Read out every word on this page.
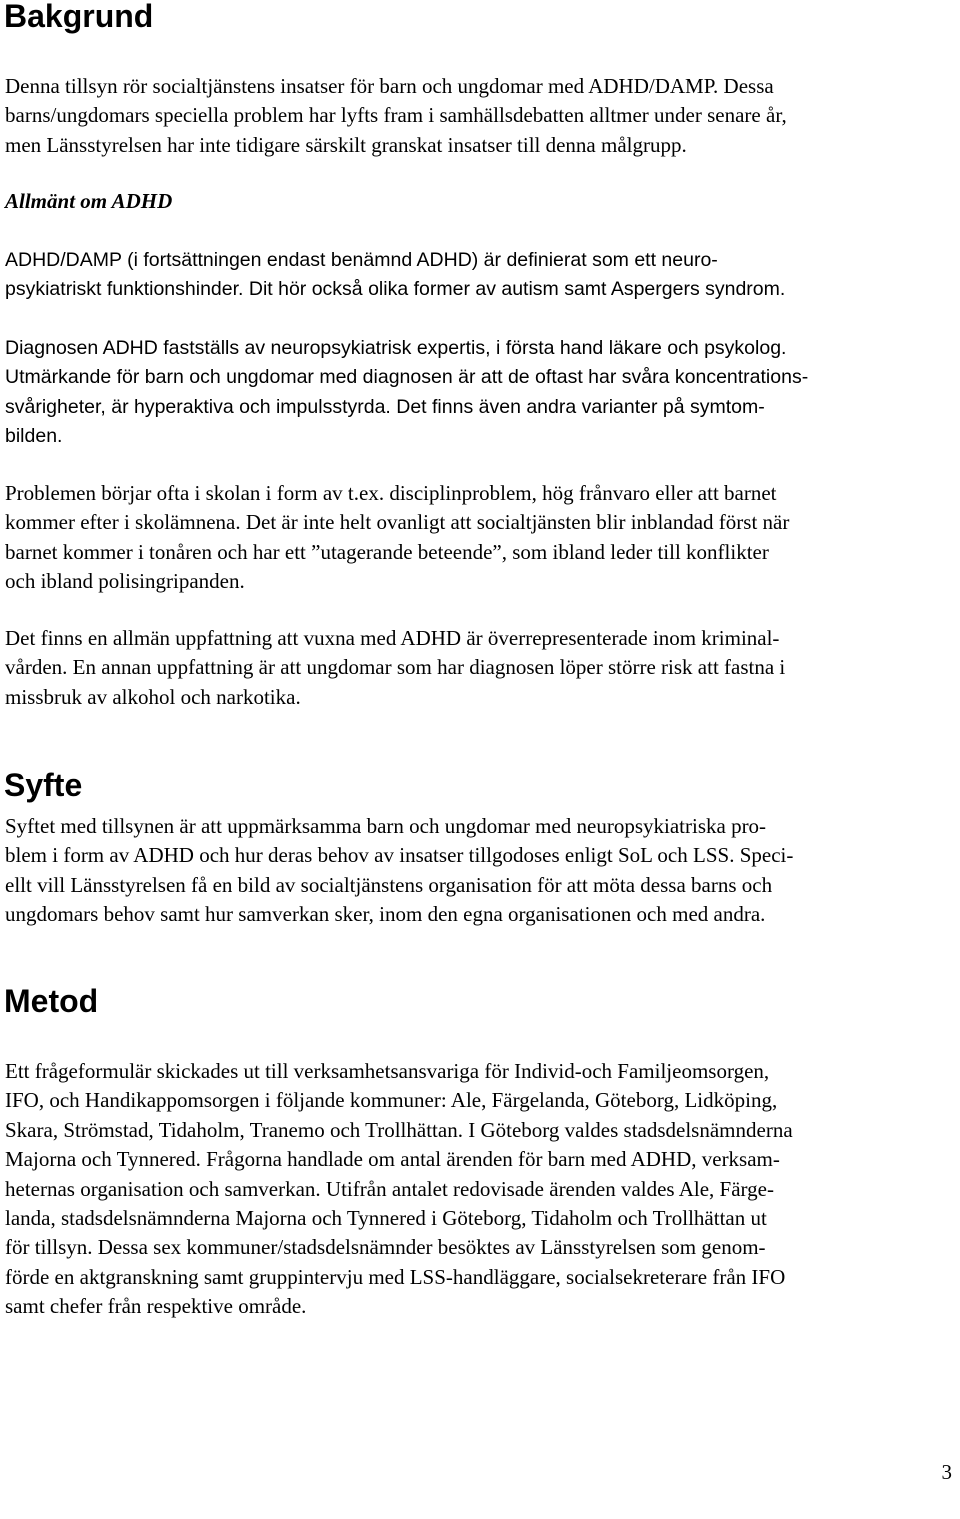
Bakgrund

Denna tillsyn rör socialtjänstens insatser för barn och ungdomar med ADHD/DAMP. Dessa
barns/ungdomars speciella problem har lyfts fram i samhällsdebatten alltmer under senare år,
men Länsstyrelsen har inte tidigare särskilt granskat insatser till denna målgrupp.

Allmänt om ADHD

ADHD/DAMP (i fortsättningen endast benämnd ADHD) är definierat som ett neuro-
psykiatriskt funktionshinder. Dit hör också olika former av autism samt Aspergers syndrom.

Diagnosen ADHD fastställs av neuropsykiatrisk expertis, i första hand läkare och psykolog.
Utmärkande för barn och ungdomar med diagnosen är att de oftast har svåra koncentrations-
svårigheter, är hyperaktiva och impulsstyrda. Det finns även andra varianter på symtom-
bilden.

Problemen börjar ofta i skolan i form av t.ex. disciplinproblem, hög frånvaro eller att barnet
kommer efter i skolämnena. Det är inte helt ovanligt att socialtjänsten blir inblandad först när
barnet kommer i tonåren och har ett ”utagerande beteende”, som ibland leder till konflikter
och ibland polisingripanden.

Det finns en allmän uppfattning att vuxna med ADHD är överrepresenterade inom kriminal-
vården. En annan uppfattning är att ungdomar som har diagnosen löper större risk att fastna i
missbruk av alkohol och narkotika.

Syfte

Syftet med tillsynen är att uppmärksamma barn och ungdomar med neuropsykiatriska pro-
blem i form av ADHD och hur deras behov av insatser tillgodoses enligt SoL och LSS. Speci-
ellt vill Länsstyrelsen få en bild av socialtjänstens organisation för att möta dessa barns och
ungdomars behov samt hur samverkan sker, inom den egna organisationen och med andra.

Metod

Ett frågeformulär skickades ut till verksamhetsansvariga för Individ-och Familjeomsorgen,
IFO, och Handikappomsorgen i följande kommuner: Ale, Färgelanda, Göteborg, Lidköping,
Skara, Strömstad, Tidaholm, Tranemo och Trollhättan. I Göteborg valdes stadsdelsnämnderna
Majorna och Tynnered. Frågorna handlade om antal ärenden för barn med ADHD, verksam-
heternas organisation och samverkan. Utifrån antalet redovisade ärenden valdes Ale, Färge-
landa, stadsdelsnämnderna Majorna och Tynnered i Göteborg, Tidaholm och Trollhättan ut
för tillsyn. Dessa sex kommuner/stadsdelsnämnder besöktes av Länsstyrelsen som genom-
förde en aktgranskning samt gruppintervju med LSS-handläggare, socialsekreterare från IFO
samt chefer från respektive område.

3
